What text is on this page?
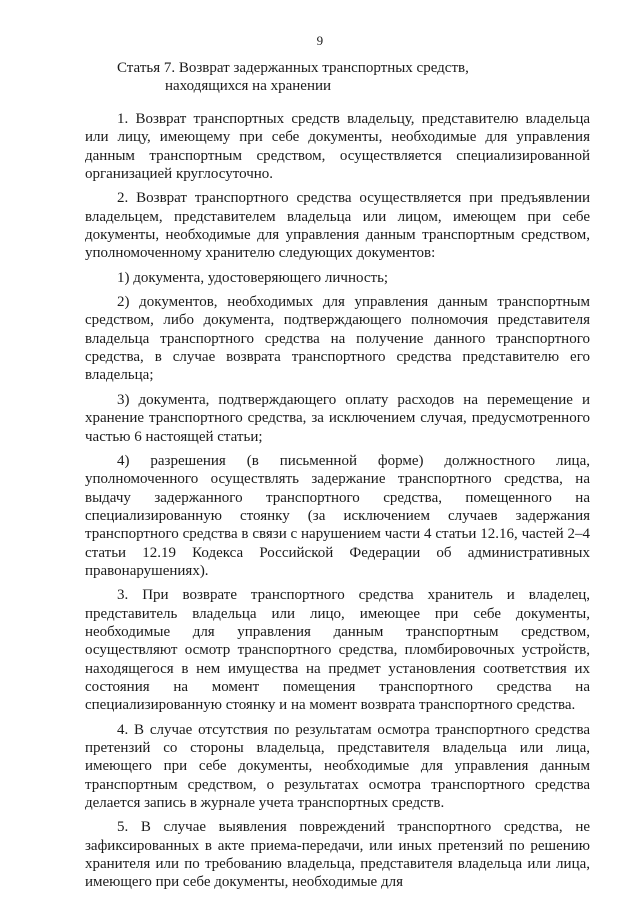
9
Статья 7. Возврат задержанных транспортных средств,
находящихся на хранении

1. Возврат транспортных средств владельцу, представителю владельца или лицу, имеющему при себе документы, необходимые для управления данным транспортным средством, осуществляется специализированной организацией круглосуточно.

2. Возврат транспортного средства осуществляется при предъявлении владельцем, представителем владельца или лицом, имеющем при себе документы, необходимые для управления данным транспортным средством, уполномоченному хранителю следующих документов:

1) документа, удостоверяющего личность;

2) документов, необходимых для управления данным транспортным средством, либо документа, подтверждающего полномочия представителя владельца транспортного средства на получение данного транспортного средства, в случае возврата транспортного средства представителю его владельца;

3) документа, подтверждающего оплату расходов на перемещение и хранение транспортного средства, за исключением случая, предусмотренного частью 6 настоящей статьи;

4) разрешения (в письменной форме) должностного лица, уполномоченного осуществлять задержание транспортного средства, на выдачу задержанного транспортного средства, помещенного на специализированную стоянку (за исключением случаев задержания транспортного средства в связи с нарушением части 4 статьи 12.16, частей 2–4 статьи 12.19 Кодекса Российской Федерации об административных правонарушениях).

3. При возврате транспортного средства хранитель и владелец, представитель владельца или лицо, имеющее при себе документы, необходимые для управления данным транспортным средством, осуществляют осмотр транспортного средства, пломбировочных устройств, находящегося в нем имущества на предмет установления соответствия их состояния на момент помещения транспортного средства на специализированную стоянку и на момент возврата транспортного средства.

4. В случае отсутствия по результатам осмотра транспортного средства претензий со стороны владельца, представителя владельца или лица, имеющего при себе документы, необходимые для управления данным транспортным средством, о результатах осмотра транспортного средства делается запись в журнале учета транспортных средств.

5. В случае выявления повреждений транспортного средства, не зафиксированных в акте приема-передачи, или иных претензий по решению хранителя или по требованию владельца, представителя владельца или лица, имеющего при себе документы, необходимые для
